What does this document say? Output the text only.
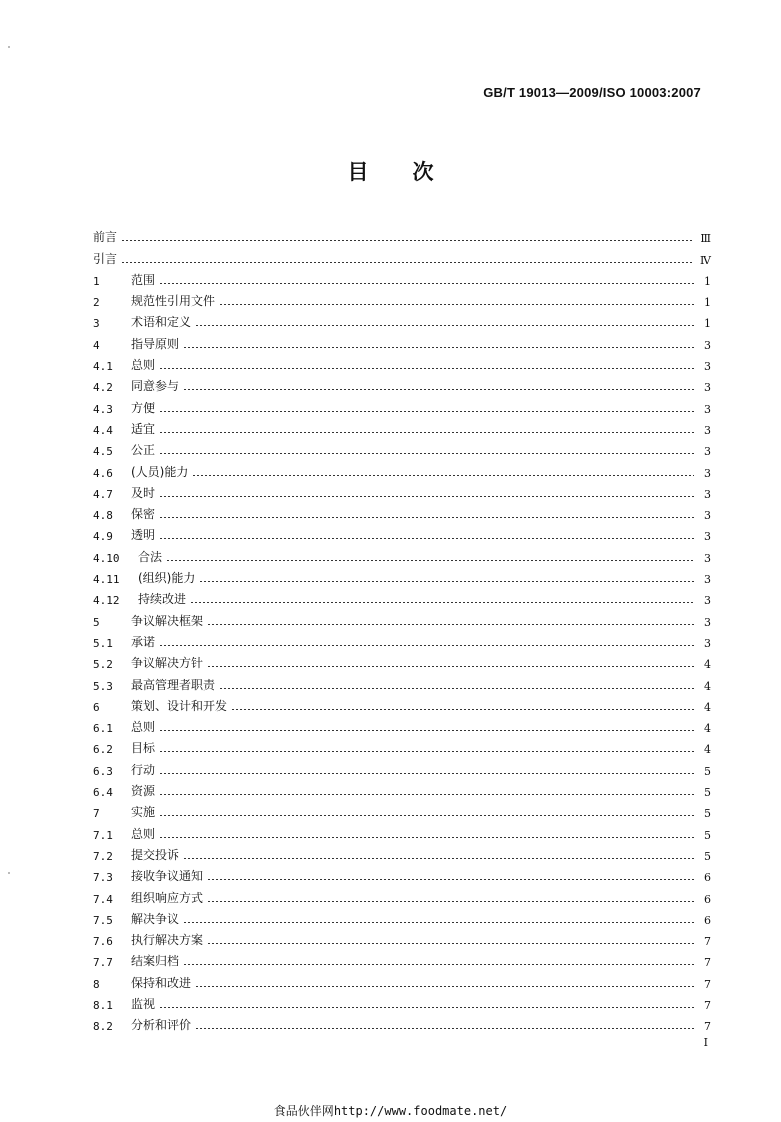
GB/T 19013—2009/ISO 10003:2007
目次
前言	Ⅲ
引言	Ⅳ
1	范围	1
2	规范性引用文件	1
3	术语和定义	1
4	指导原则	3
4.1	总则	3
4.2	同意参与	3
4.3	方便	3
4.4	适宜	3
4.5	公正	3
4.6	(人员)能力	3
4.7	及时	3
4.8	保密	3
4.9	透明	3
4.10	合法	3
4.11	(组织)能力	3
4.12	持续改进	3
5	争议解决框架	3
5.1	承诺	3
5.2	争议解决方针	4
5.3	最高管理者职责	4
6	策划、设计和开发	4
6.1	总则	4
6.2	目标	4
6.3	行动	5
6.4	资源	5
7	实施	5
7.1	总则	5
7.2	提交投诉	5
7.3	接收争议通知	6
7.4	组织响应方式	6
7.5	解决争议	6
7.6	执行解决方案	7
7.7	结案归档	7
8	保持和改进	7
8.1	监视	7
8.2	分析和评价	7
I
食品伙伴网http://www.foodmate.net/
